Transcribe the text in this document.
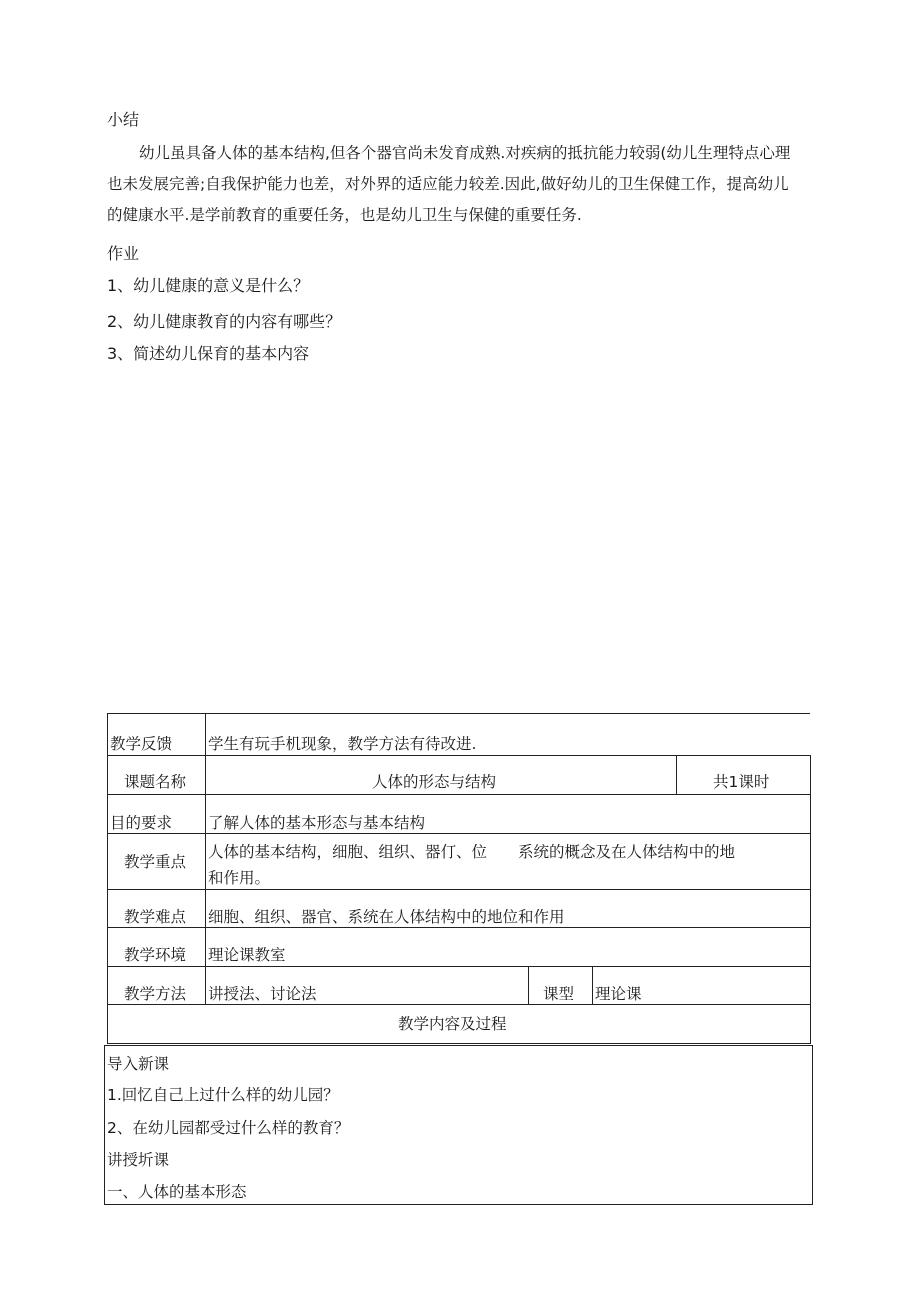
小结
幼儿虽具备人体的基本结构,但各个器官尚未发育成熟.对疾病的抵抗能力较弱(幼儿生理特点心理也未发展完善;自我保护能力也差，对外界的适应能力较差.因此,做好幼儿的卫生保健工作，提高幼儿的健康水平.是学前教育的重要任务，也是幼儿卫生与保健的重要任务.
作业
1、幼儿健康的意义是什么？
2、幼儿健康教育的内容有哪些？
3、简述幼儿保育的基本内容
教学反馈 学生有玩手机现象，教学方法有待改进.
课题名称	人体的形态与结构	共1课时
目的要求 了解人体的基本形态与基本结构
教学重点
人体的基本结构，细胞、组织、器仃、位　　系统的概念及在人体结构中的地
和作用。
教学难点 细胞、组织、器官、系统在人体结构中的地位和作用
教学环境 理论课教室
教学方法 讲授法、讨论法	课型 理论课
教学内容及过程
导入新课
1.回忆自己上过什么样的幼儿园？
2、在幼儿园都受过什么样的教育？
讲授圻课
一、人体的基本形态
